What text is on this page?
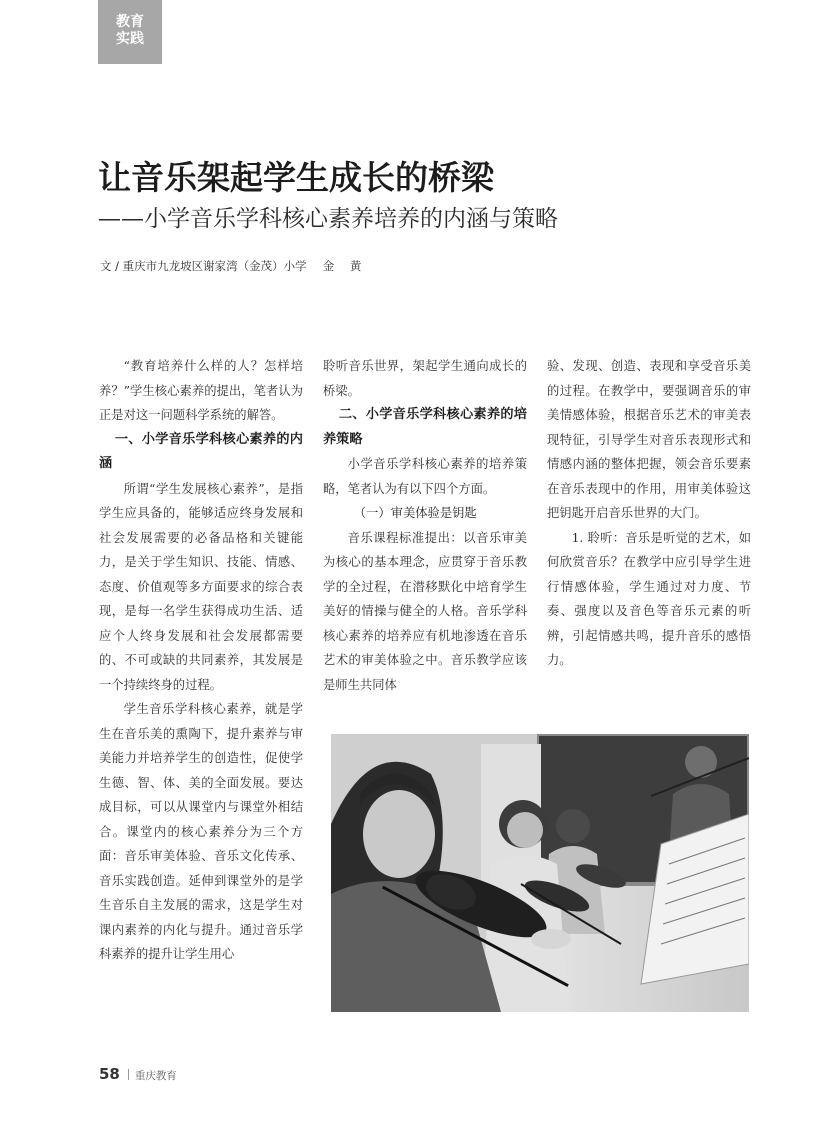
教育
实践
让音乐架起学生成长的桥梁
——小学音乐学科核心素养培养的内涵与策略
文 / 重庆市九龙坡区谢家湾（金茂）小学 金 黄

“教育培养什么样的人？怎样培养？”学生核心素养的提出，笔者认为正是对这一问题科学系统的解答。

一、小学音乐学科核心素养的内涵

所谓“学生发展核心素养”，是指学生应具备的，能够适应终身发展和社会发展需要的必备品格和关键能力，是关于学生知识、技能、情感、态度、价值观等多方面要求的综合表现，是每一名学生获得成功生活、适应个人终身发展和社会发展都需要的、不可或缺的共同素养，其发展是一个持续终身的过程。

学生音乐学科核心素养，就是学生在音乐美的熏陶下，提升素养与审美能力并培养学生的创造性，促使学生德、智、体、美的全面发展。要达成目标，可以从课堂内与课堂外相结合。课堂内的核心素养分为三个方面：音乐审美体验、音乐文化传承、音乐实践创造。延伸到课堂外的是学生音乐自主发展的需求，这是学生对课内素养的内化与提升。通过音乐学科素养的提升让学生用心

聆听音乐世界，架起学生通向成长的桥梁。

二、小学音乐学科核心素养的培养策略

小学音乐学科核心素养的培养策略，笔者认为有以下四个方面。

（一）审美体验是钥匙

音乐课程标准提出：以音乐审美为核心的基本理念，应贯穿于音乐教学的全过程，在潜移默化中培育学生美好的情操与健全的人格。音乐学科核心素养的培养应有机地渗透在音乐艺术的审美体验之中。音乐教学应该是师生共同体

验、发现、创造、表现和享受音乐美的过程。在教学中，要强调音乐的审美情感体验，根据音乐艺术的审美表现特征，引导学生对音乐表现形式和情感内涵的整体把握，领会音乐要素在音乐表现中的作用，用审美体验这把钥匙开启音乐世界的大门。

1. 聆听：音乐是听觉的艺术，如何欣赏音乐？在教学中应引导学生进行情感体验，学生通过对力度、节奏、强度以及音色等音乐元素的听辨，引起情感共鸣，提升音乐的感悟力。

58 重庆教育
